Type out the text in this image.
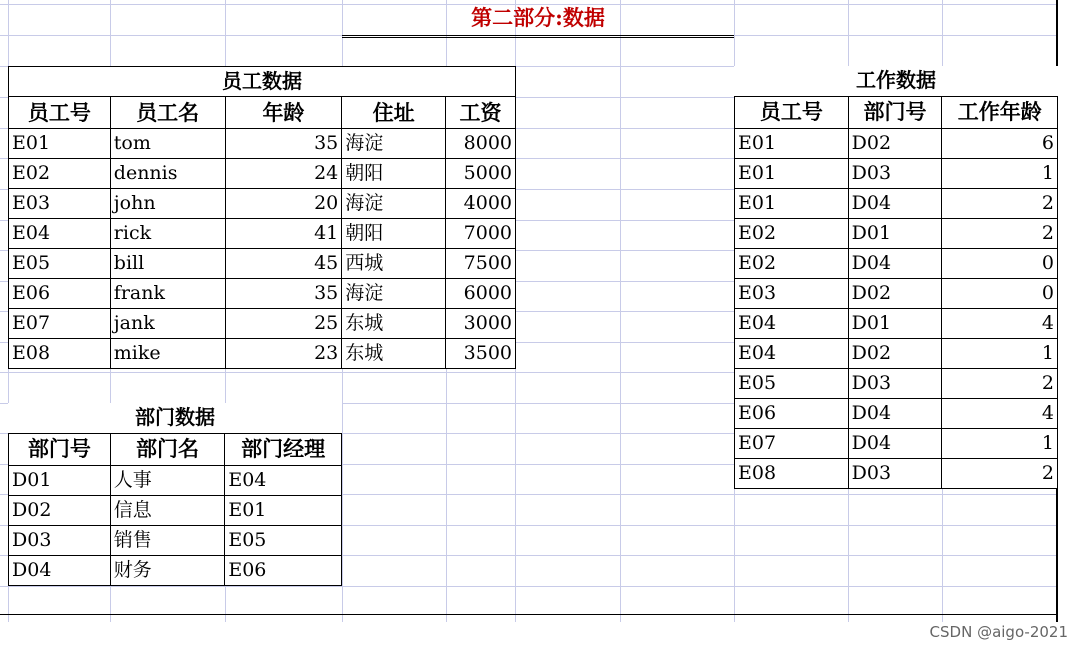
第二部分:数据
员工数据				
员工号	员工名	年龄	住址	工资
E01	tom	35	海淀	8000
E02	dennis	24	朝阳	5000
E03	john	20	海淀	4000
E04	rick	41	朝阳	7000
E05	bill	45	西城	7500
E06	frank	35	海淀	6000
E07	jank	25	东城	3000
E08	mike	23	东城	3500
部门数据		
部门号	部门名	部门经理
D01	人事	E04
D02	信息	E01
D03	销售	E05
D04	财务	E06
工作数据		
员工号	部门号	工作年龄
E01	D02	6
E01	D03	1
E01	D04	2
E02	D01	2
E02	D04	0
E03	D02	0
E04	D01	4
E04	D02	1
E05	D03	2
E06	D04	4
E07	D04	1
E08	D03	2
CSDN @aigo-2021
